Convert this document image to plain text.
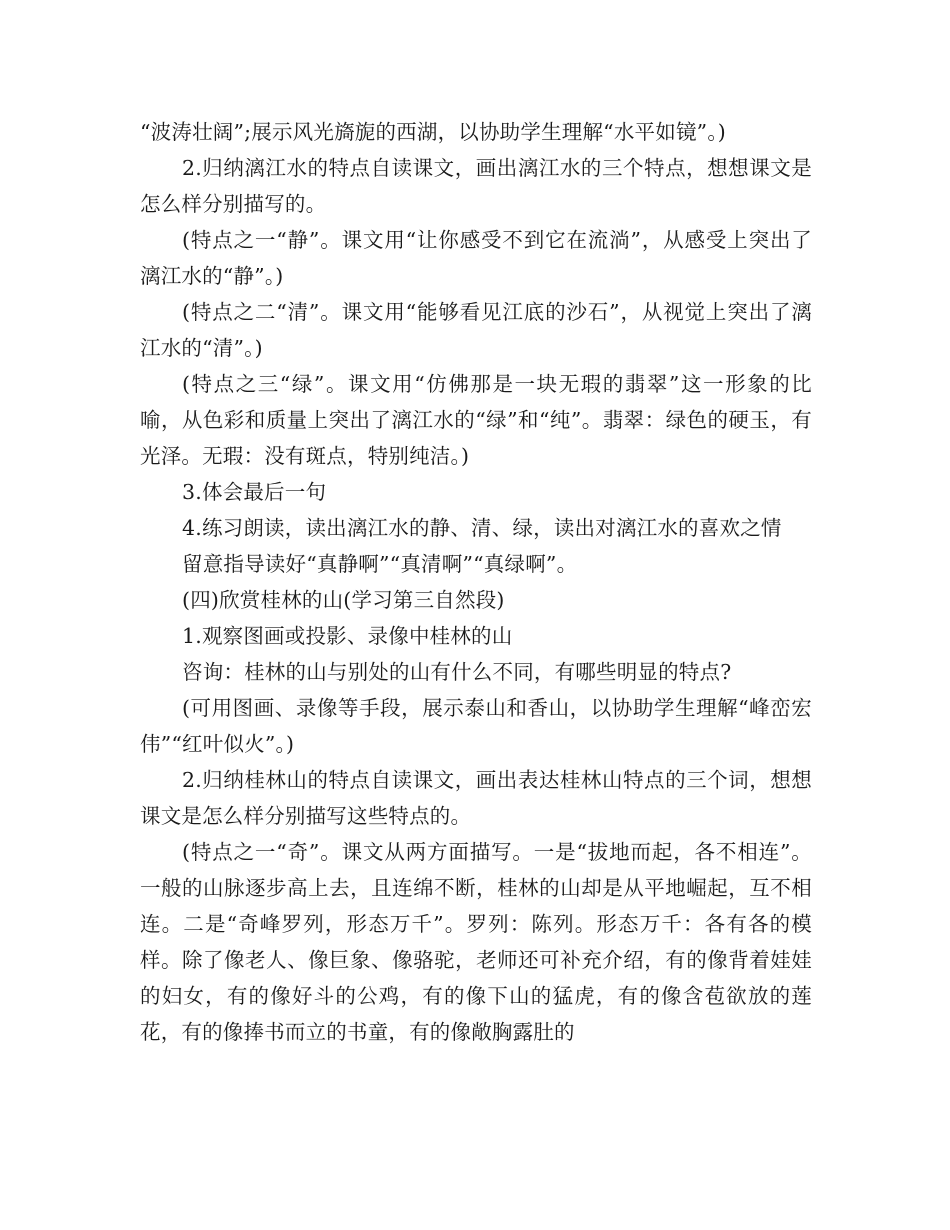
“波涛壮阔”;展示风光旖旎的西湖，以协助学生理解“水平如镜”。)

2.归纳漓江水的特点自读课文，画出漓江水的三个特点，想想课文是怎么样分别描写的。

(特点之一“静”。课文用“让你感受不到它在流淌”，从感受上突出了漓江水的“静”。)

(特点之二“清”。课文用“能够看见江底的沙石”，从视觉上突出了漓江水的“清”。)

(特点之三“绿”。课文用“仿佛那是一块无瑕的翡翠”这一形象的比喻，从色彩和质量上突出了漓江水的“绿”和“纯”。翡翠：绿色的硬玉，有光泽。无瑕：没有斑点，特别纯洁。)

3.体会最后一句

4.练习朗读，读出漓江水的静、清、绿，读出对漓江水的喜欢之情

留意指导读好“真静啊”“真清啊”“真绿啊”。

(四)欣赏桂林的山(学习第三自然段)

1.观察图画或投影、录像中桂林的山

咨询：桂林的山与别处的山有什么不同，有哪些明显的特点?

(可用图画、录像等手段，展示泰山和香山，以协助学生理解“峰峦宏伟”“红叶似火”。)

2.归纳桂林山的特点自读课文，画出表达桂林山特点的三个词，想想课文是怎么样分别描写这些特点的。

(特点之一“奇”。课文从两方面描写。一是“拔地而起，各不相连”。一般的山脉逐步高上去，且连绵不断，桂林的山却是从平地崛起，互不相连。二是“奇峰罗列，形态万千”。罗列：陈列。形态万千：各有各的模样。除了像老人、像巨象、像骆驼，老师还可补充介绍，有的像背着娃娃的妇女，有的像好斗的公鸡，有的像下山的猛虎，有的像含苞欲放的莲花，有的像捧书而立的书童，有的像敞胸露肚的
